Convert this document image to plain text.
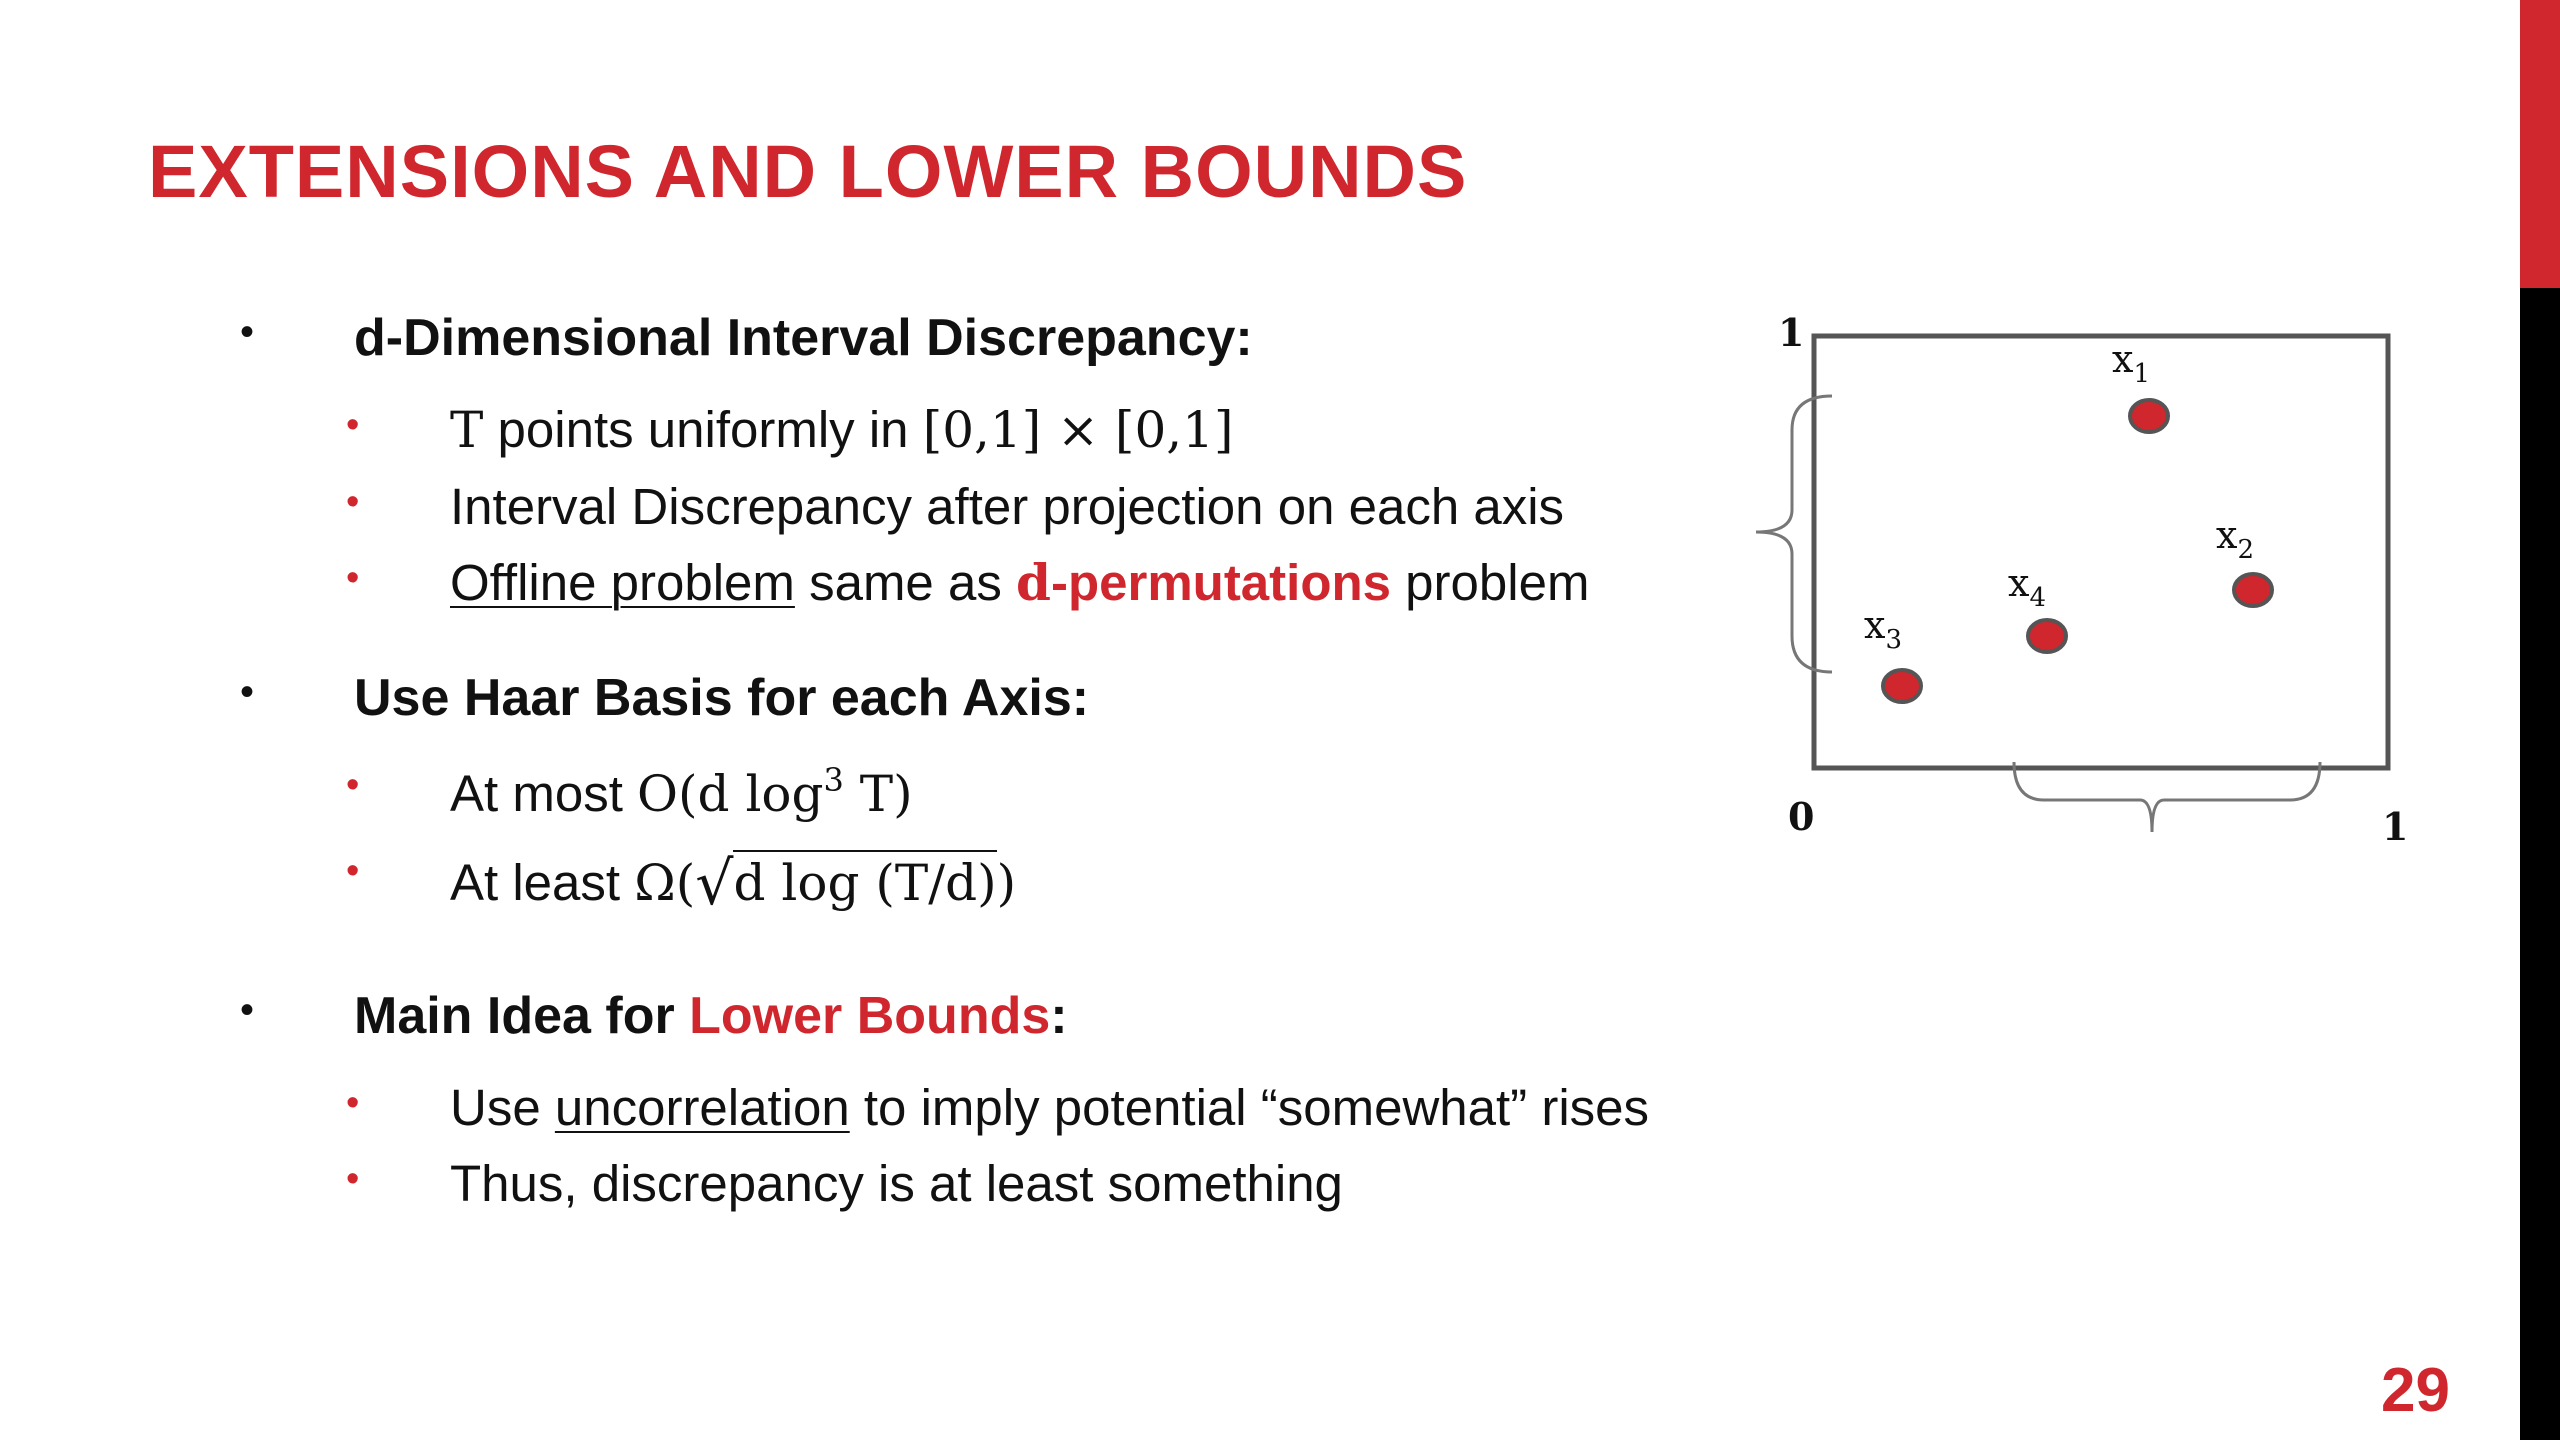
EXTENSIONS AND LOWER BOUNDS
• d-Dimensional Interval Discrepancy:
• T points uniformly in [0,1] × [0,1]
• Interval Discrepancy after projection on each axis
• Offline problem same as d-permutations problem
• Use Haar Basis for each Axis:
• At most O(d $\log^3 T$)
• At least Ω(√d log (T/d))
• Main Idea for Lower Bounds:
• Use uncorrelation to imply potential “somewhat” rises
• Thus, discrepancy is at least something
1
0	1
$x_1$
$x_2$
$x_3$
$x_4$
29
